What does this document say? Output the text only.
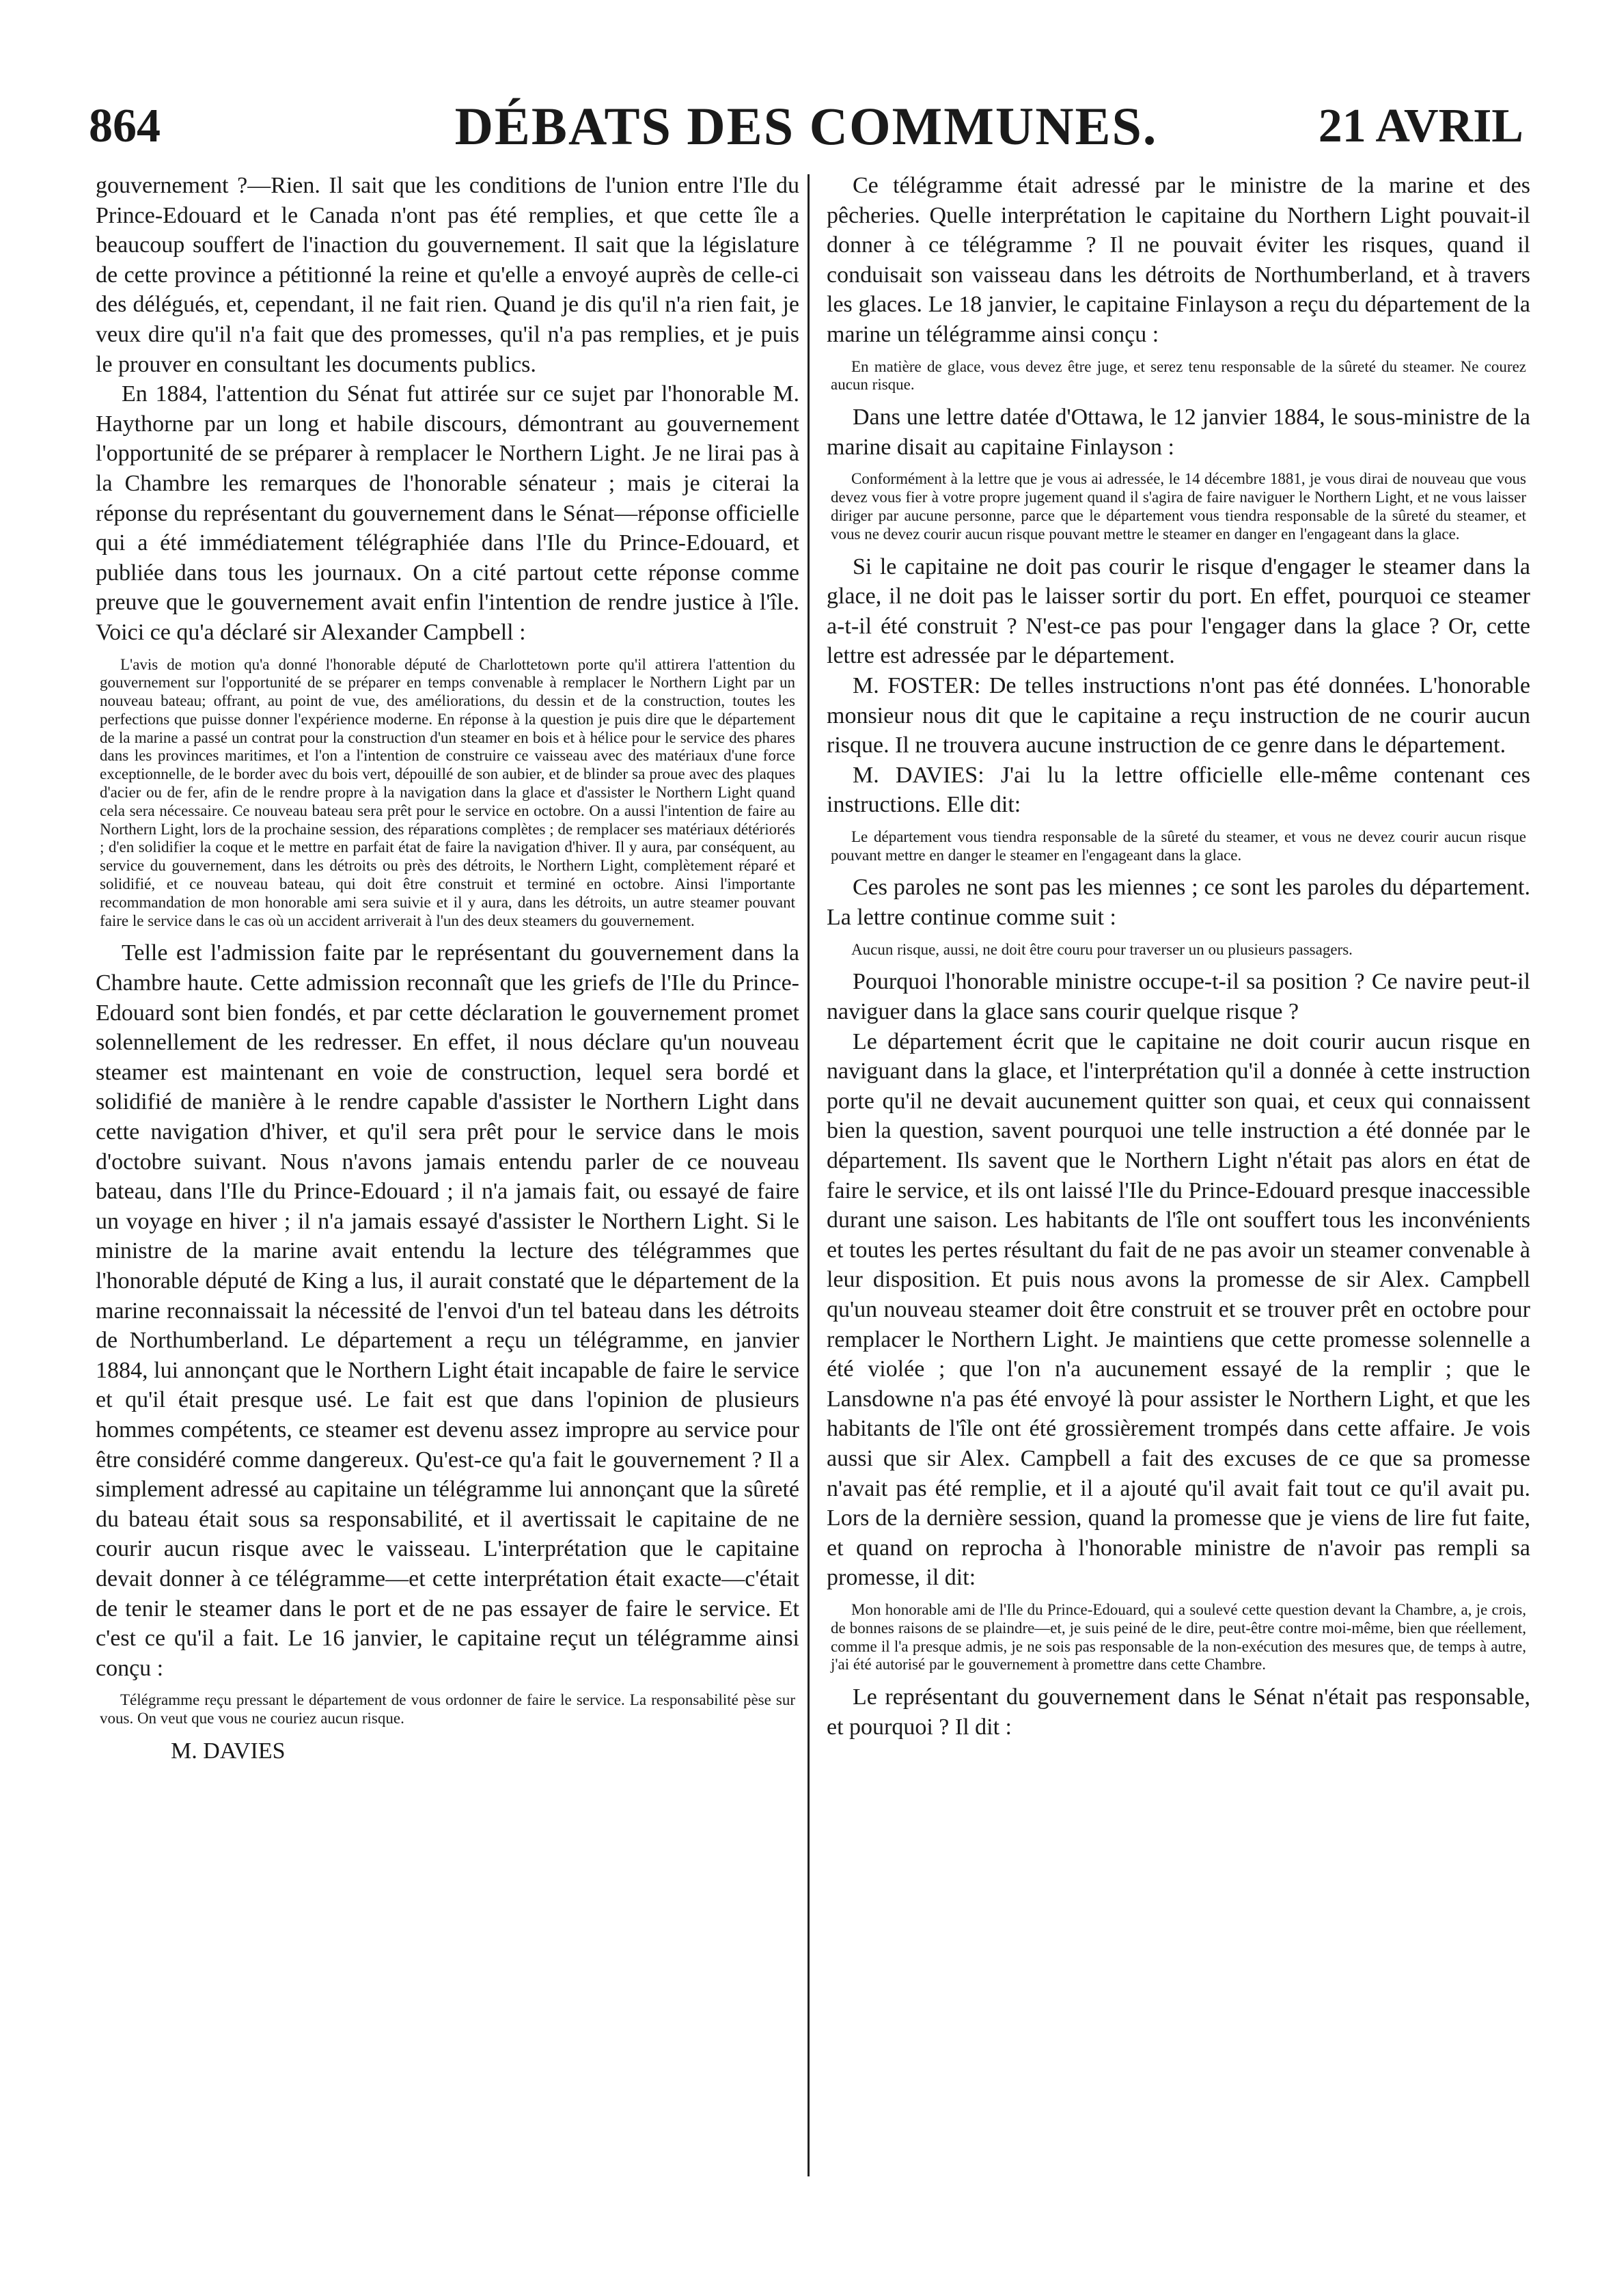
864	DÉBATS DES COMMUNES.	21 AVRIL

gouvernement ?—Rien. Il sait que les conditions de l'union entre l'Ile du Prince-Edouard et le Canada n'ont pas été remplies, et que cette île a beaucoup souffert de l'inaction du gouvernement. Il sait que la législature de cette province a pétitionné la reine et qu'elle a envoyé auprès de celle-ci des délégués, et, cependant, il ne fait rien. Quand je dis qu'il n'a rien fait, je veux dire qu'il n'a fait que des promesses, qu'il n'a pas remplies, et je puis le prouver en consultant les documents publics.

En 1884, l'attention du Sénat fut attirée sur ce sujet par l'honorable M. Haythorne par un long et habile discours, démontrant au gouvernement l'opportunité de se préparer à remplacer le Northern Light. Je ne lirai pas à la Chambre les remarques de l'honorable sénateur ; mais je citerai la réponse du représentant du gouvernement dans le Sénat—réponse officielle qui a été immédiatement télégraphiée dans l'Ile du Prince-Edouard, et publiée dans tous les journaux. On a cité partout cette réponse comme preuve que le gouvernement avait enfin l'intention de rendre justice à l'île. Voici ce qu'a déclaré sir Alexander Campbell :

L'avis de motion qu'a donné l'honorable député de Charlottetown porte qu'il attirera l'attention du gouvernement sur l'opportunité de se préparer en temps convenable à remplacer le Northern Light par un nouveau bateau; offrant, au point de vue, des améliorations, du dessin et de la construction, toutes les perfections que puisse donner l'expérience moderne. En réponse à la question je puis dire que le département de la marine a passé un contrat pour la construction d'un steamer en bois et à hélice pour le service des phares dans les provinces maritimes, et l'on a l'intention de construire ce vaisseau avec des matériaux d'une force exceptionnelle, de le border avec du bois vert, dépouillé de son aubier, et de blinder sa proue avec des plaques d'acier ou de fer, afin de le rendre propre à la navigation dans la glace et d'assister le Northern Light quand cela sera nécessaire. Ce nouveau bateau sera prêt pour le service en octobre. On a aussi l'intention de faire au Northern Light, lors de la prochaine session, des réparations complètes ; de remplacer ses matériaux détériorés ; d'en solidifier la coque et le mettre en parfait état de faire la navigation d'hiver. Il y aura, par conséquent, au service du gouvernement, dans les détroits ou près des détroits, le Northern Light, complètement réparé et solidifié, et ce nouveau bateau, qui doit être construit et terminé en octobre. Ainsi l'importante recommandation de mon honorable ami sera suivie et il y aura, dans les détroits, un autre steamer pouvant faire le service dans le cas où un accident arriverait à l'un des deux steamers du gouvernement.

Telle est l'admission faite par le représentant du gouvernement dans la Chambre haute. Cette admission reconnaît que les griefs de l'Ile du Prince-Edouard sont bien fondés, et par cette déclaration le gouvernement promet solennellement de les redresser. En effet, il nous déclare qu'un nouveau steamer est maintenant en voie de construction, lequel sera bordé et solidifié de manière à le rendre capable d'assister le Northern Light dans cette navigation d'hiver, et qu'il sera prêt pour le service dans le mois d'octobre suivant. Nous n'avons jamais entendu parler de ce nouveau bateau, dans l'Ile du Prince-Edouard ; il n'a jamais fait, ou essayé de faire un voyage en hiver ; il n'a jamais essayé d'assister le Northern Light. Si le ministre de la marine avait entendu la lecture des télégrammes que l'honorable député de King a lus, il aurait constaté que le département de la marine reconnaissait la nécessité de l'envoi d'un tel bateau dans les détroits de Northumberland. Le département a reçu un télégramme, en janvier 1884, lui annonçant que le Northern Light était incapable de faire le service et qu'il était presque usé. Le fait est que dans l'opinion de plusieurs hommes compétents, ce steamer est devenu assez impropre au service pour être considéré comme dangereux. Qu'est-ce qu'a fait le gouvernement ? Il a simplement adressé au capitaine un télégramme lui annonçant que la sûreté du bateau était sous sa responsabilité, et il avertissait le capitaine de ne courir aucun risque avec le vaisseau. L'interprétation que le capitaine devait donner à ce télégramme—et cette interprétation était exacte—c'était de tenir le steamer dans le port et de ne pas essayer de faire le service. Et c'est ce qu'il a fait. Le 16 janvier, le capitaine reçut un télégramme ainsi conçu :

Télégramme reçu pressant le département de vous ordonner de faire le service. La responsabilité pèse sur vous. On veut que vous ne couriez aucun risque.

M. DAVIES

Ce télégramme était adressé par le ministre de la marine et des pêcheries. Quelle interprétation le capitaine du Northern Light pouvait-il donner à ce télégramme ? Il ne pouvait éviter les risques, quand il conduisait son vaisseau dans les détroits de Northumberland, et à travers les glaces. Le 18 janvier, le capitaine Finlayson a reçu du département de la marine un télégramme ainsi conçu :

En matière de glace, vous devez être juge, et serez tenu responsable de la sûreté du steamer. Ne courez aucun risque.

Dans une lettre datée d'Ottawa, le 12 janvier 1884, le sous-ministre de la marine disait au capitaine Finlayson :

Conformément à la lettre que je vous ai adressée, le 14 décembre 1881, je vous dirai de nouveau que vous devez vous fier à votre propre jugement quand il s'agira de faire naviguer le Northern Light, et ne vous laisser diriger par aucune personne, parce que le département vous tiendra responsable de la sûreté du steamer, et vous ne devez courir aucun risque pouvant mettre le steamer en danger en l'engageant dans la glace.

Si le capitaine ne doit pas courir le risque d'engager le steamer dans la glace, il ne doit pas le laisser sortir du port. En effet, pourquoi ce steamer a-t-il été construit ? N'est-ce pas pour l'engager dans la glace ? Or, cette lettre est adressée par le département.

M. FOSTER: De telles instructions n'ont pas été données. L'honorable monsieur nous dit que le capitaine a reçu instruction de ne courir aucun risque. Il ne trouvera aucune instruction de ce genre dans le département.

M. DAVIES: J'ai lu la lettre officielle elle-même contenant ces instructions. Elle dit:

Le département vous tiendra responsable de la sûreté du steamer, et vous ne devez courir aucun risque pouvant mettre en danger le steamer en l'engageant dans la glace.

Ces paroles ne sont pas les miennes ; ce sont les paroles du département. La lettre continue comme suit :

Aucun risque, aussi, ne doit être couru pour traverser un ou plusieurs passagers.

Pourquoi l'honorable ministre occupe-t-il sa position ? Ce navire peut-il naviguer dans la glace sans courir quelque risque ?

Le département écrit que le capitaine ne doit courir aucun risque en naviguant dans la glace, et l'interprétation qu'il a donnée à cette instruction porte qu'il ne devait aucunement quitter son quai, et ceux qui connaissent bien la question, savent pourquoi une telle instruction a été donnée par le département. Ils savent que le Northern Light n'était pas alors en état de faire le service, et ils ont laissé l'Ile du Prince-Edouard presque inaccessible durant une saison. Les habitants de l'île ont souffert tous les inconvénients et toutes les pertes résultant du fait de ne pas avoir un steamer convenable à leur disposition. Et puis nous avons la promesse de sir Alex. Campbell qu'un nouveau steamer doit être construit et se trouver prêt en octobre pour remplacer le Northern Light. Je maintiens que cette promesse solennelle a été violée ; que l'on n'a aucunement essayé de la remplir ; que le Lansdowne n'a pas été envoyé là pour assister le Northern Light, et que les habitants de l'île ont été grossièrement trompés dans cette affaire. Je vois aussi que sir Alex. Campbell a fait des excuses de ce que sa promesse n'avait pas été remplie, et il a ajouté qu'il avait fait tout ce qu'il avait pu. Lors de la dernière session, quand la promesse que je viens de lire fut faite, et quand on reprocha à l'honorable ministre de n'avoir pas rempli sa promesse, il dit:

Mon honorable ami de l'Ile du Prince-Edouard, qui a soulevé cette question devant la Chambre, a, je crois, de bonnes raisons de se plaindre—et, je suis peiné de le dire, peut-être contre moi-même, bien que réellement, comme il l'a presque admis, je ne sois pas responsable de la non-exécution des mesures que, de temps à autre, j'ai été autorisé par le gouvernement à promettre dans cette Chambre.

Le représentant du gouvernement dans le Sénat n'était pas responsable, et pourquoi ? Il dit :
